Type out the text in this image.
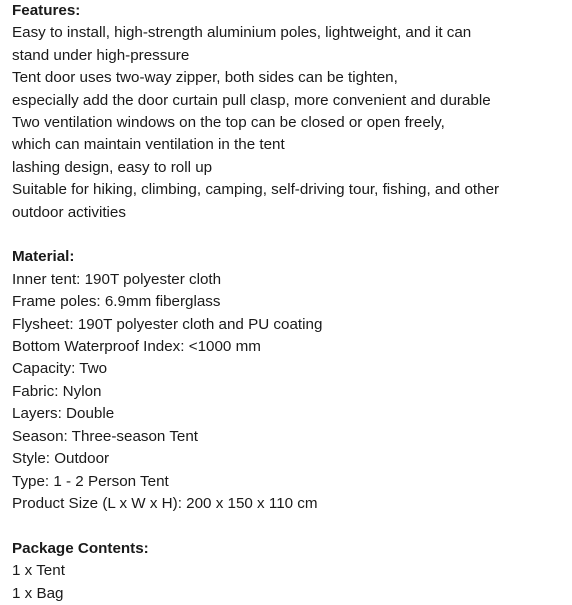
Features:

Easy to install, high-strength aluminium poles, lightweight, and it can

stand under high-pressure

Tent door uses two-way zipper, both sides can be tighten,

especially add the door curtain pull clasp, more convenient and durable

Two ventilation windows on the top can be closed or open freely,

which can maintain ventilation in the tent

lashing design, easy to roll up

Suitable for hiking, climbing, camping, self-driving tour, fishing, and other

outdoor activities

Material:

Inner tent: 190T polyester cloth

Frame poles: 6.9mm fiberglass

Flysheet: 190T polyester cloth and PU coating

Bottom Waterproof Index: <1000 mm

Capacity: Two

Fabric: Nylon

Layers: Double

Season: Three-season Tent

Style: Outdoor

Type: 1 - 2 Person Tent

Product Size (L x W x H): 200 x 150 x 110 cm

Package Contents:

1 x Tent

1 x Bag
